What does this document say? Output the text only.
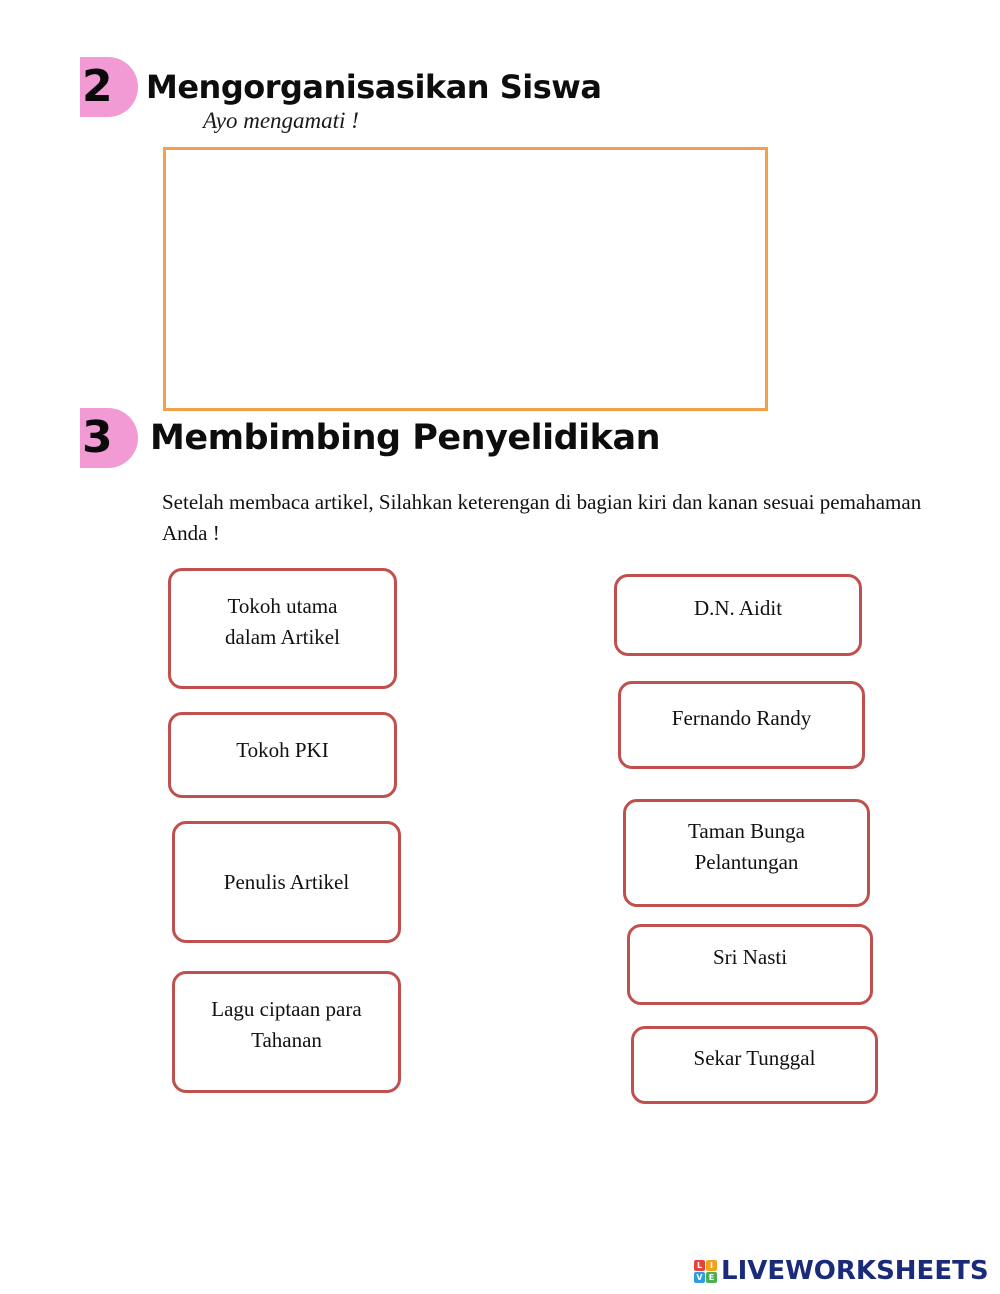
2 Mengorganisasikan Siswa
Ayo mengamati !
3 Membimbing Penyelidikan
Setelah membaca artikel, Silahkan keterengan di bagian kiri dan kanan sesuai pemahaman Anda !
Tokoh utama
dalam Artikel
Tokoh PKI
Penulis Artikel
Lagu ciptaan para
Tahanan
D.N. Aidit
Fernando Randy
Taman Bunga
Pelantungan
Sri Nasti
Sekar Tunggal
L I
V E LIVEWORKSHEETS
